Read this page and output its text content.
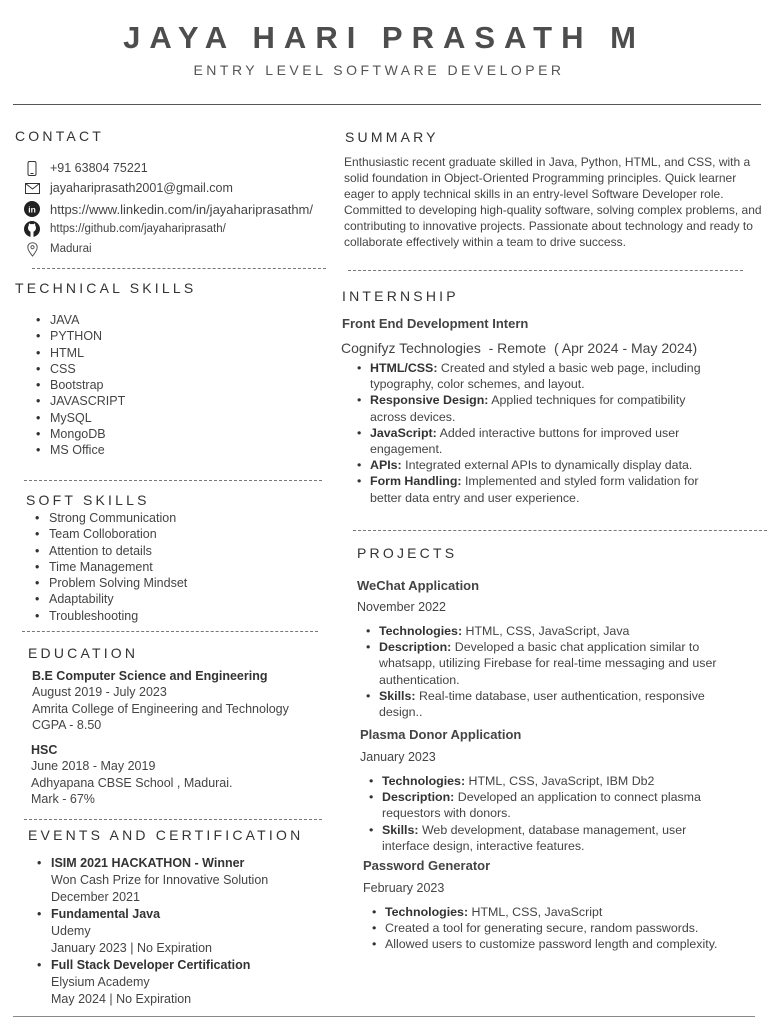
JAYA HARI PRASATH M
ENTRY LEVEL SOFTWARE DEVELOPER
CONTACT
+91 63804 75221
jayahariprasath2001@gmail.com
in https://www.linkedin.com/in/jayahariprasathm/
https://github.com/jayahariprasath/
Madurai
TECHNICAL SKILLS
• JAVA
• PYTHON
• HTML
• CSS
• Bootstrap
• JAVASCRIPT
• MySQL
• MongoDB
• MS Office
SOFT SKILLS
• Strong Communication
• Team Colloboration
• Attention to details
• Time Management
• Problem Solving Mindset
• Adaptability
• Troubleshooting
EDUCATION
B.E Computer Science and Engineering
August 2019 - July 2023
Amrita College of Engineering and Technology
CGPA - 8.50
HSC
June 2018 - May 2019
Adhyapana CBSE School , Madurai.
Mark - 67%
EVENTS AND CERTIFICATION
• ISIM 2021 HACKATHON - Winner
Won Cash Prize for Innovative Solution
December 2021
• Fundamental Java
Udemy
January 2023 | No Expiration
• Full Stack Developer Certification
Elysium Academy
May 2024 | No Expiration
SUMMARY
Enthusiastic recent graduate skilled in Java, Python, HTML, and CSS, with a solid foundation in Object-Oriented Programming principles. Quick learner eager to apply technical skills in an entry-level Software Developer role. Committed to developing high-quality software, solving complex problems, and contributing to innovative projects. Passionate about technology and ready to collaborate effectively within a team to drive success.
INTERNSHIP
Front End Development Intern
Cognifyz Technologies  - Remote  ( Apr 2024 - May 2024)
• HTML/CSS: Created and styled a basic web page, including typography, color schemes, and layout.
• Responsive Design: Applied techniques for compatibility across devices.
• JavaScript: Added interactive buttons for improved user engagement.
• APIs: Integrated external APIs to dynamically display data.
• Form Handling: Implemented and styled form validation for better data entry and user experience.
PROJECTS
WeChat Application
November 2022
• Technologies: HTML, CSS, JavaScript, Java
• Description: Developed a basic chat application similar to whatsapp, utilizing Firebase for real-time messaging and user authentication.
• Skills: Real-time database, user authentication, responsive design..
Plasma Donor Application
January 2023
• Technologies: HTML, CSS, JavaScript, IBM Db2
• Description: Developed an application to connect plasma requestors with donors.
• Skills: Web development, database management, user interface design, interactive features.
Password Generator
February 2023
• Technologies: HTML, CSS, JavaScript
• Created a tool for generating secure, random passwords.
• Allowed users to customize password length and complexity.
